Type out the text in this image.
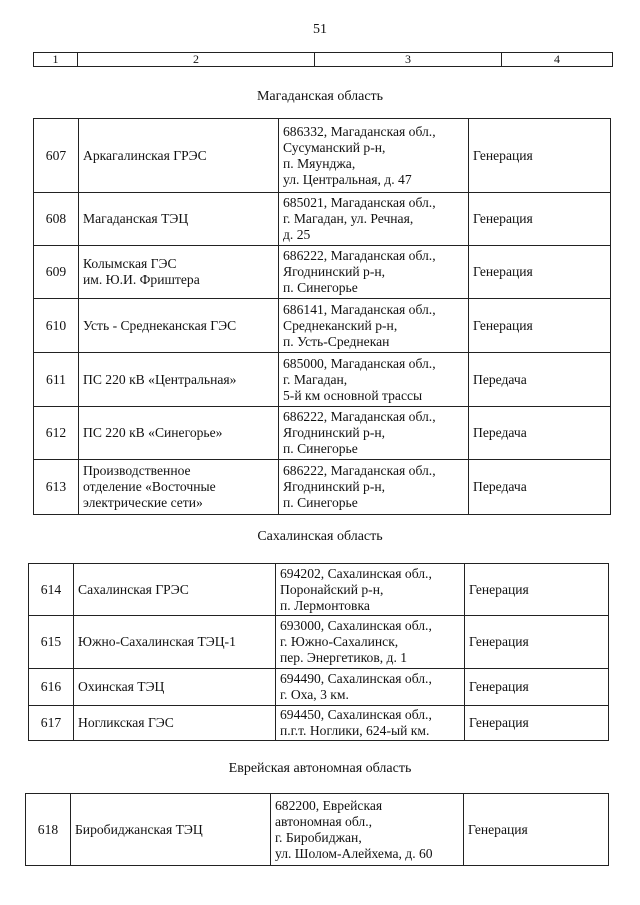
51
1	2	3	4
Магаданская область
607	Аркагалинская ГРЭС	686332, Магаданская обл.,
Сусуманский р-н,
п. Мяунджа,
ул. Центральная, д. 47	Генерация
608	Магаданская ТЭЦ	685021, Магаданская обл.,
г. Магадан, ул. Речная,
д. 25	Генерация
609	Колымская ГЭС
им. Ю.И. Фриштера	686222, Магаданская обл.,
Ягоднинский р-н,
п. Синегорье	Генерация
610	Усть - Среднеканская ГЭС	686141, Магаданская обл.,
Среднеканский р-н,
п. Усть-Среднекан	Генерация
611	ПС 220 кВ «Центральная»	685000, Магаданская обл.,
г. Магадан,
5-й км основной трассы	Передача
612	ПС 220 кВ «Синегорье»	686222, Магаданская обл.,
Ягоднинский р-н,
п. Синегорье	Передача
613	Производственное
отделение «Восточные
электрические сети»	686222, Магаданская обл.,
Ягоднинский р-н,
п. Синегорье	Передача
Сахалинская область
614	Сахалинская ГРЭС	694202, Сахалинская обл.,
Поронайский р-н,
п. Лермонтовка	Генерация
615	Южно-Сахалинская ТЭЦ-1	693000, Сахалинская обл.,
г. Южно-Сахалинск,
пер. Энергетиков, д. 1	Генерация
616	Охинская ТЭЦ	694490, Сахалинская обл.,
г. Оха, 3 км.	Генерация
617	Ногликская ГЭС	694450, Сахалинская обл.,
п.г.т. Ноглики, 624-ый км.	Генерация
Еврейская автономная область
618	Биробиджанская ТЭЦ	682200, Еврейская
автономная обл.,
г. Биробиджан,
ул. Шолом-Алейхема, д. 60	Генерация
